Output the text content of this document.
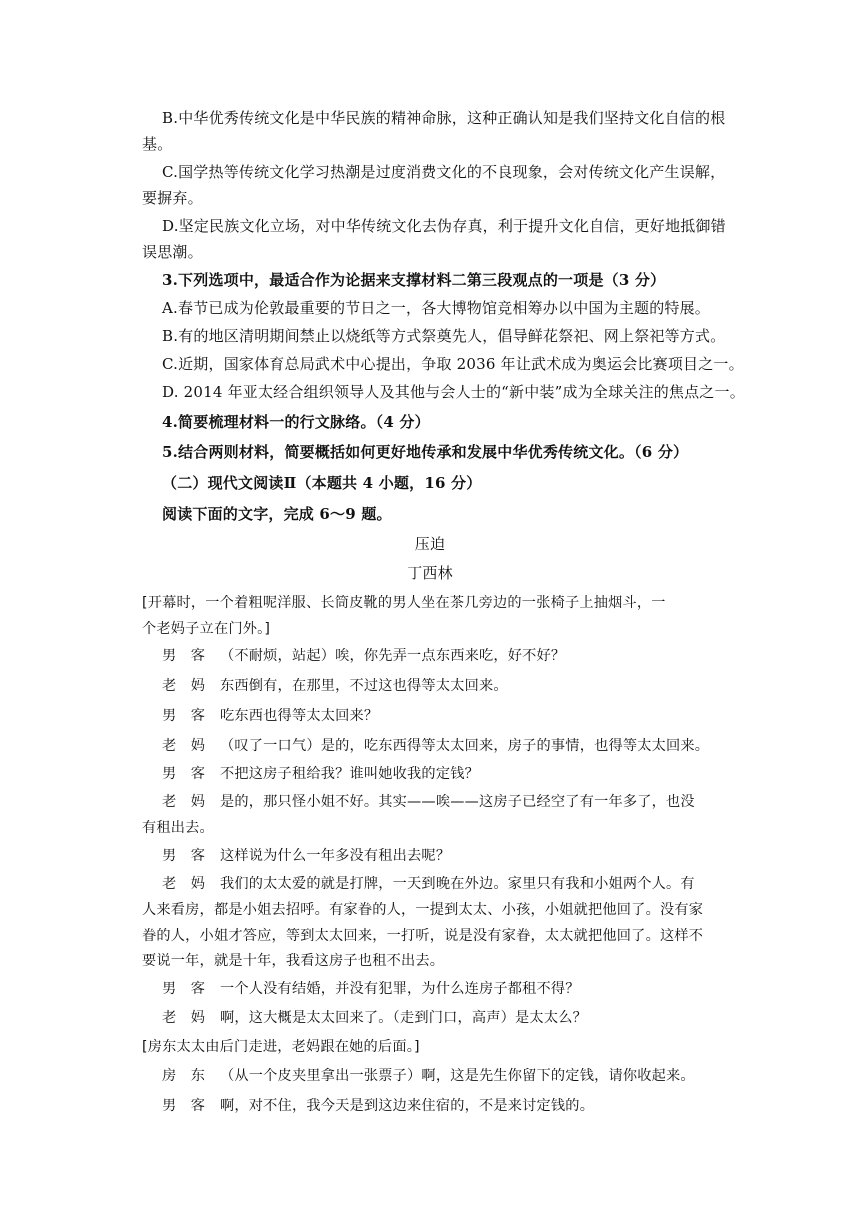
B.中华优秀传统文化是中华民族的精神命脉，这种正确认知是我们坚持文化自信的根
基。
C.国学热等传统文化学习热潮是过度消费文化的不良现象，会对传统文化产生误解，
要摒弃。
D.坚定民族文化立场，对中华传统文化去伪存真，利于提升文化自信，更好地抵御错
误思潮。
3.下列选项中，最适合作为论据来支撑材料二第三段观点的一项是（3 分）
A.春节已成为伦敦最重要的节日之一，各大博物馆竞相筹办以中国为主题的特展。
B.有的地区清明期间禁止以烧纸等方式祭奠先人，倡导鲜花祭祀、网上祭祀等方式。
C.近期，国家体育总局武术中心提出，争取 2036 年让武术成为奥运会比赛项目之一。
D. 2014 年亚太经合组织领导人及其他与会人士的“新中装”成为全球关注的焦点之一。
4.简要梳理材料一的行文脉络。（4 分）
5.结合两则材料，简要概括如何更好地传承和发展中华优秀传统文化。（6 分）
（二）现代文阅读Ⅱ（本题共 4 小题，16 分）
阅读下面的文字，完成 6～9 题。
压迫
丁西林
[开幕时，一个着粗呢洋服、长筒皮靴的男人坐在茶几旁边的一张椅子上抽烟斗，一
个老妈子立在门外。]
男　客 （不耐烦，站起）唉，你先弄一点东西来吃，好不好？
老　妈 东西倒有，在那里，不过这也得等太太回来。
男　客 吃东西也得等太太回来？
老　妈 （叹了一口气）是的，吃东西得等太太回来，房子的事情，也得等太太回来。
男　客 不把这房子租给我？谁叫她收我的定钱？
老　妈 是的，那只怪小姐不好。其实——唉——这房子已经空了有一年多了，也没
有租出去。
男　客 这样说为什么一年多没有租出去呢？
老　妈 我们的太太爱的就是打牌，一天到晚在外边。家里只有我和小姐两个人。有
人来看房，都是小姐去招呼。有家眷的人，一提到太太、小孩，小姐就把他回了。没有家
眷的人，小姐才答应，等到太太回来，一打听，说是没有家眷，太太就把他回了。这样不
要说一年，就是十年，我看这房子也租不出去。
男　客 一个人没有结婚，并没有犯罪，为什么连房子都租不得？
老　妈 啊，这大概是太太回来了。（走到门口，高声）是太太么？
[房东太太由后门走进，老妈跟在她的后面。]
房　东 （从一个皮夹里拿出一张票子）啊，这是先生你留下的定钱，请你收起来。
男　客 啊，对不住，我今天是到这边来住宿的，不是来讨定钱的。
